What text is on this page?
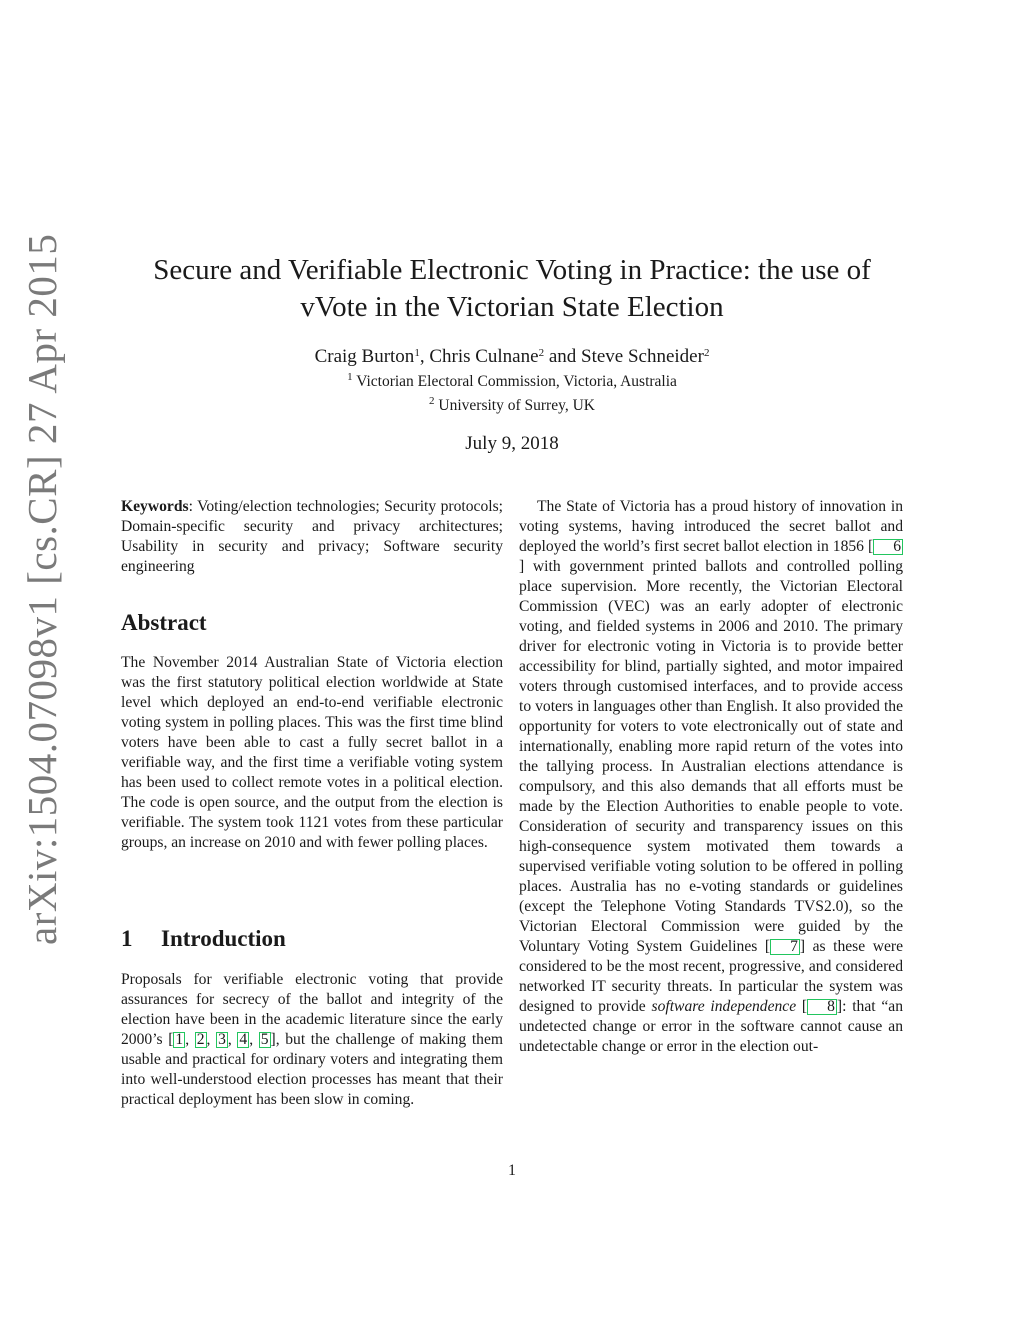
arXiv:1504.07098v1 [cs.CR] 27 Apr 2015	Secure and Verifiable Electronic Voting in Practice: the use of vVote in the Victorian State Election
Craig Burton$^1$, Chris Culnane$^2$ and Steve Schneider$^2$
$^1$ Victorian Electoral Commission, Victoria, Australia
$^2$ University of Surrey, UK
July 9, 2018
Keywords: Voting/election technologies; Security protocols; Domain-specific security and privacy architectures; Usability in security and privacy; Software security engineering
Abstract
The November 2014 Australian State of Victoria election was the first statutory political election worldwide at State level which deployed an end-to-end verifiable electronic voting system in polling places. This was the first time blind voters have been able to cast a fully secret ballot in a verifiable way, and the first time a verifiable voting system has been used to collect remote votes in a political election. The code is open source, and the output from the election is verifiable. The system took 1121 votes from these particular groups, an increase on 2010 and with fewer polling places.
1 Introduction
Proposals for verifiable electronic voting that provide assurances for secrecy of the ballot and integrity of the election have been in the academic literature since the early 2000’s [ 1 , 2 , 3 , 4 , 5 ], but the challenge of making them usable and practical for ordinary voters and integrating them into well-understood election processes has meant that their practical deployment has been slow in coming.
The State of Victoria has a proud history of innovation in voting systems, having introduced the secret ballot and deployed the world’s first secret ballot election in 1856 [ 6] with government printed ballots and controlled polling place supervision. More recently, the Victorian Electoral Commission (VEC) was an early adopter of electronic voting, and fielded systems in 2006 and 2010. The primary driver for electronic voting in Victoria is to provide better accessibility for blind, partially sighted, and motor impaired voters through customised interfaces, and to provide access to voters in languages other than English. It also provided the opportunity for voters to vote electronically out of state and internationally, enabling more rapid return of the votes into the tallying process. In Australian elections attendance is compulsory, and this also demands that all efforts must be made by the Election Authorities to enable people to vote. Consideration of security and transparency issues on this high-consequence system motivated them towards a supervised verifiable voting solution to be offered in polling places. Australia has no e-voting standards or guidelines (except the Telephone Voting Standards TVS2.0), so the Victorian Electoral Commission were guided by the Voluntary Voting System Guidelines [ 7 ] as these were considered to be the most recent, progressive, and considered networked IT security threats. In particular the system was designed to provide software independence [ 8 ]: that “an undetected change or error in the software cannot cause an undetectable change or error in the election out-
1
